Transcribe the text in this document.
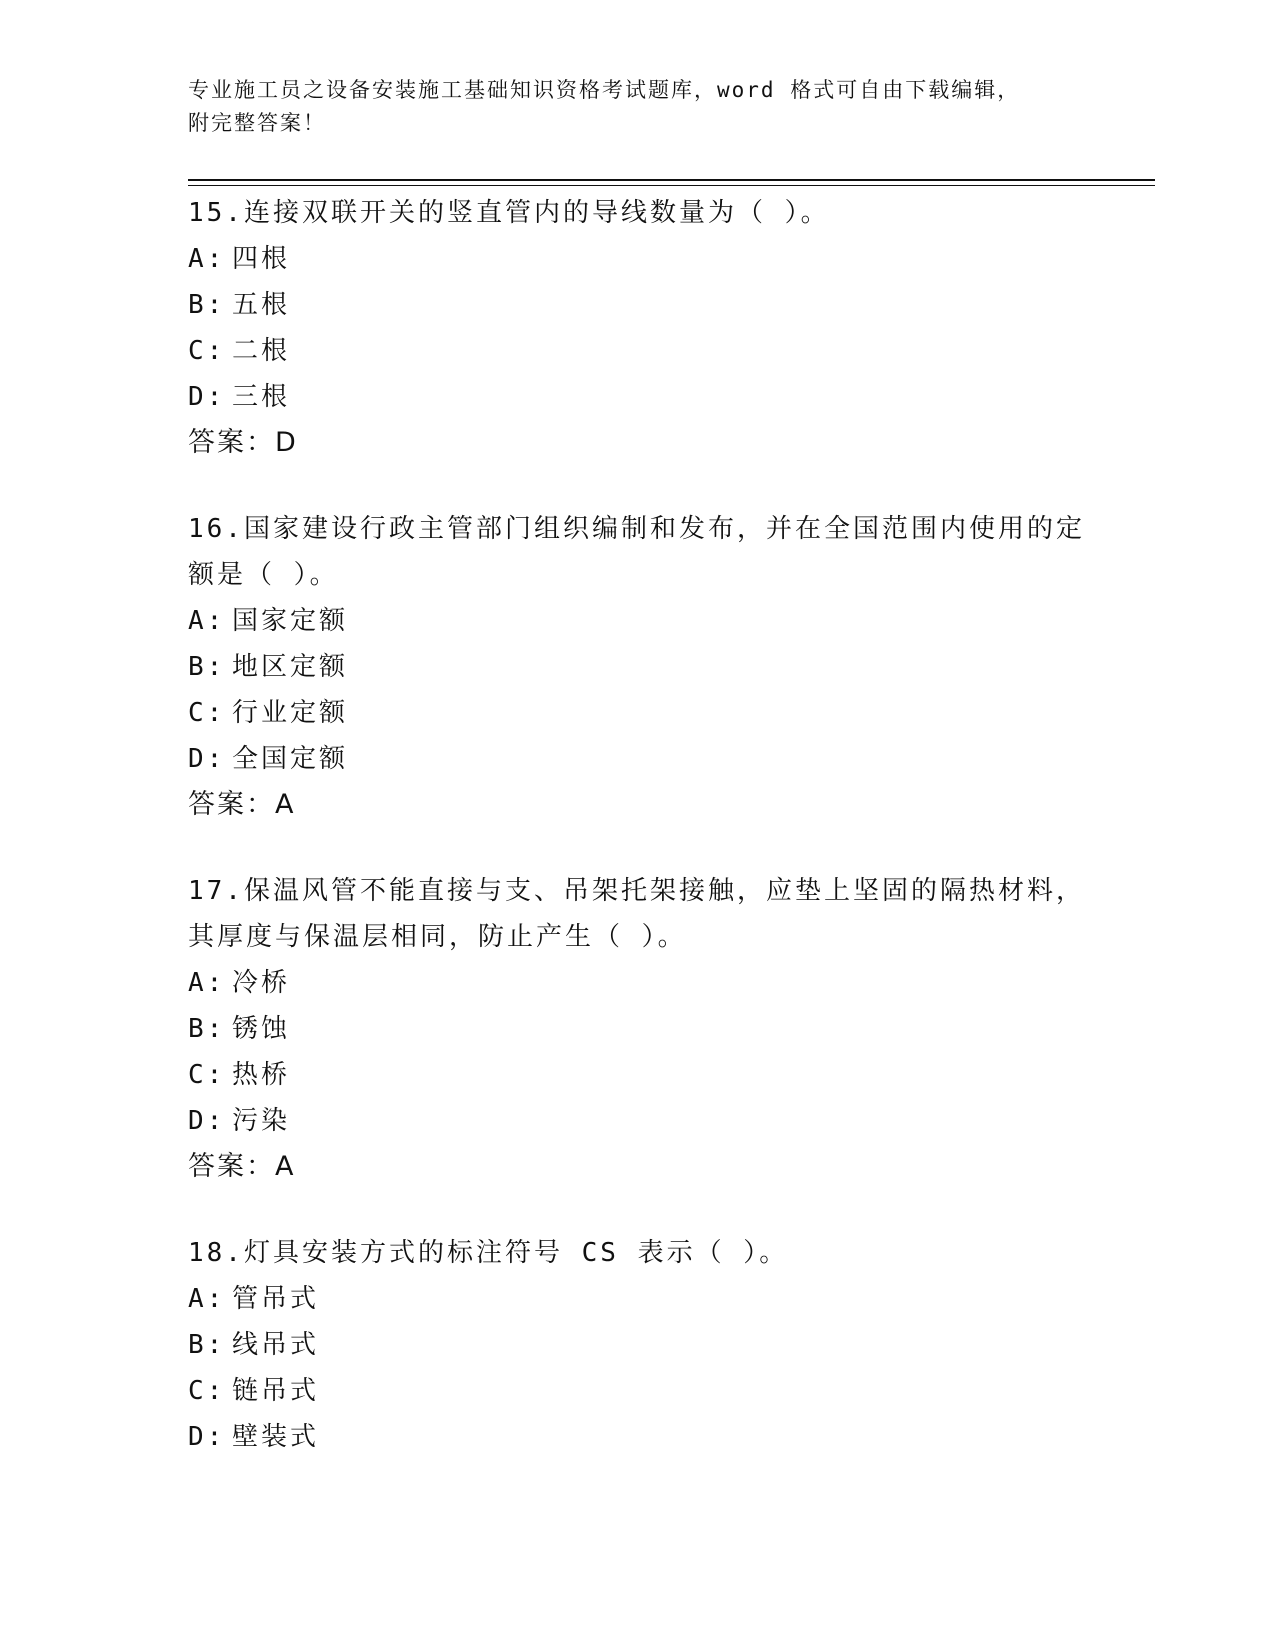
专业施工员之设备安装施工基础知识资格考试题库，word 格式可自由下载编辑，
附完整答案！

15.连接双联开关的竖直管内的导线数量为（ ）。

A: 四根
B: 五根
C: 二根
D: 三根

答案：D

16.国家建设行政主管部门组织编制和发布，并在全国范围内使用的定额是（ ）。

A: 国家定额
B: 地区定额
C: 行业定额
D: 全国定额

答案：A

17.保温风管不能直接与支、吊架托架接触，应垫上坚固的隔热材料，其厚度与保温层相同，防止产生（ ）。

A: 冷桥
B: 锈蚀
C: 热桥
D: 污染

答案：A

18.灯具安装方式的标注符号 CS 表示（ ）。

A: 管吊式
B: 线吊式
C: 链吊式
D: 壁装式
